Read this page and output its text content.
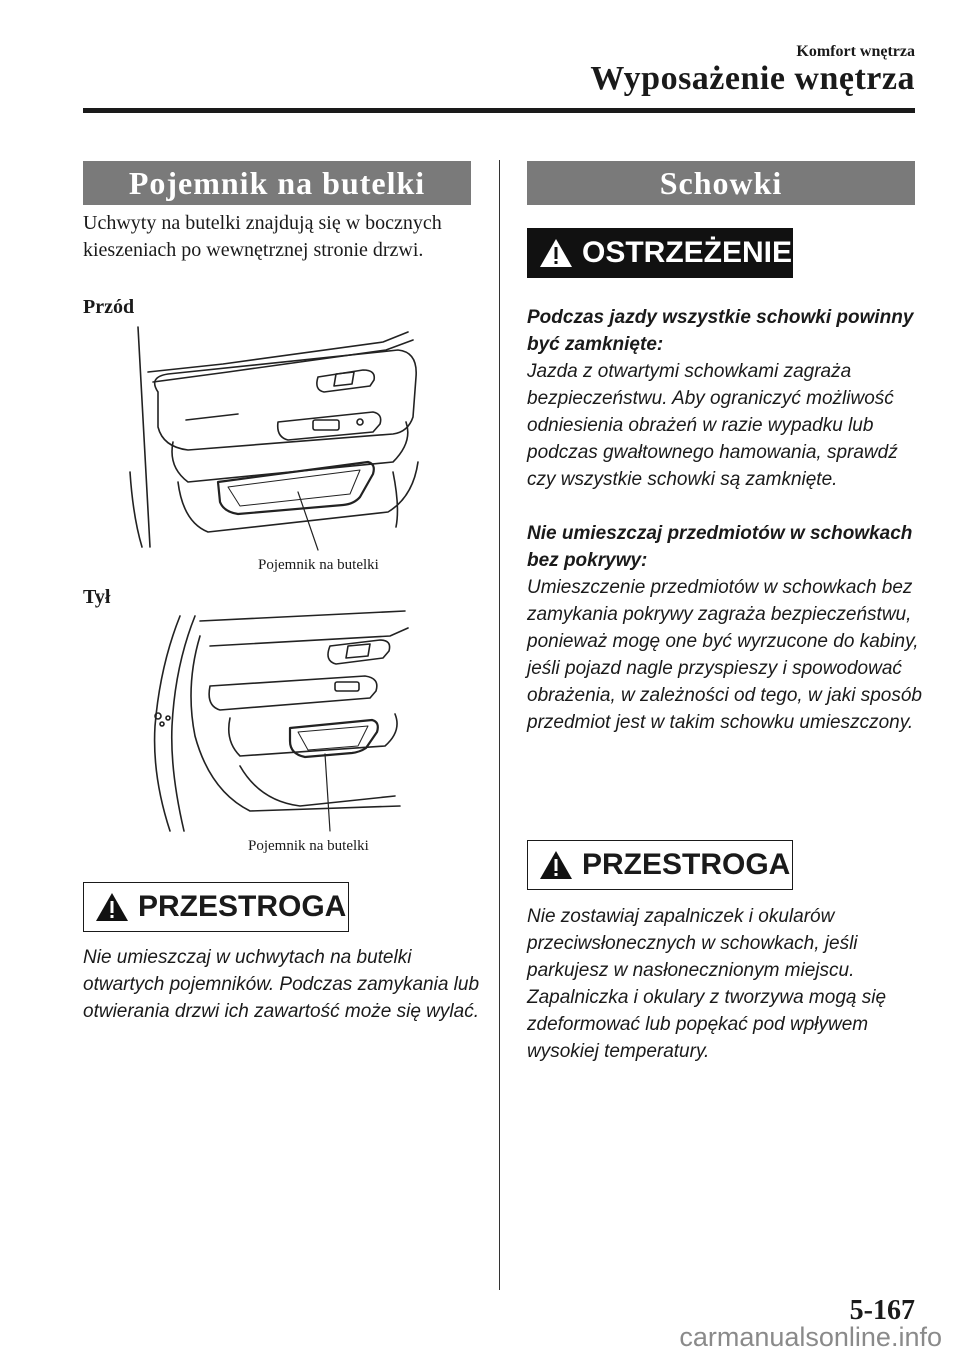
Komfort wnętrza
Wyposażenie wnętrza
Pojemnik na butelki
Uchwyty na butelki znajdują się w bocznych kieszeniach po wewnętrznej stronie drzwi.
Przód
Pojemnik na butelki
Tył
Pojemnik na butelki
PRZESTROGA
Nie umieszczaj w uchwytach na butelki otwartych pojemników. Podczas zamykania lub otwierania drzwi ich zawartość może się wylać.
Schowki
OSTRZEŻENIE
Podczas jazdy wszystkie schowki powinny być zamknięte:
Jazda z otwartymi schowkami zagraża bezpieczeństwu. Aby ograniczyć możliwość odniesienia obrażeń w razie wypadku lub podczas gwałtownego hamowania, sprawdź czy wszystkie schowki są zamknięte.
Nie umieszczaj przedmiotów w schowkach bez pokrywy:
Umieszczenie przedmiotów w schowkach bez zamykania pokrywy zagraża bezpieczeństwu, ponieważ mogę one być wyrzucone do kabiny, jeśli pojazd nagle przyspieszy i spowodować obrażenia, w zależności od tego, w jaki sposób przedmiot jest w takim schowku umieszczony.
PRZESTROGA
Nie zostawiaj zapalniczek i okularów przeciwsłonecznych w schowkach, jeśli parkujesz w nasłonecznionym miejscu. Zapalniczka i okulary z tworzywa mogą się zdeformować lub popękać pod wpływem wysokiej temperatury.
5-167
carmanualsonline.info
